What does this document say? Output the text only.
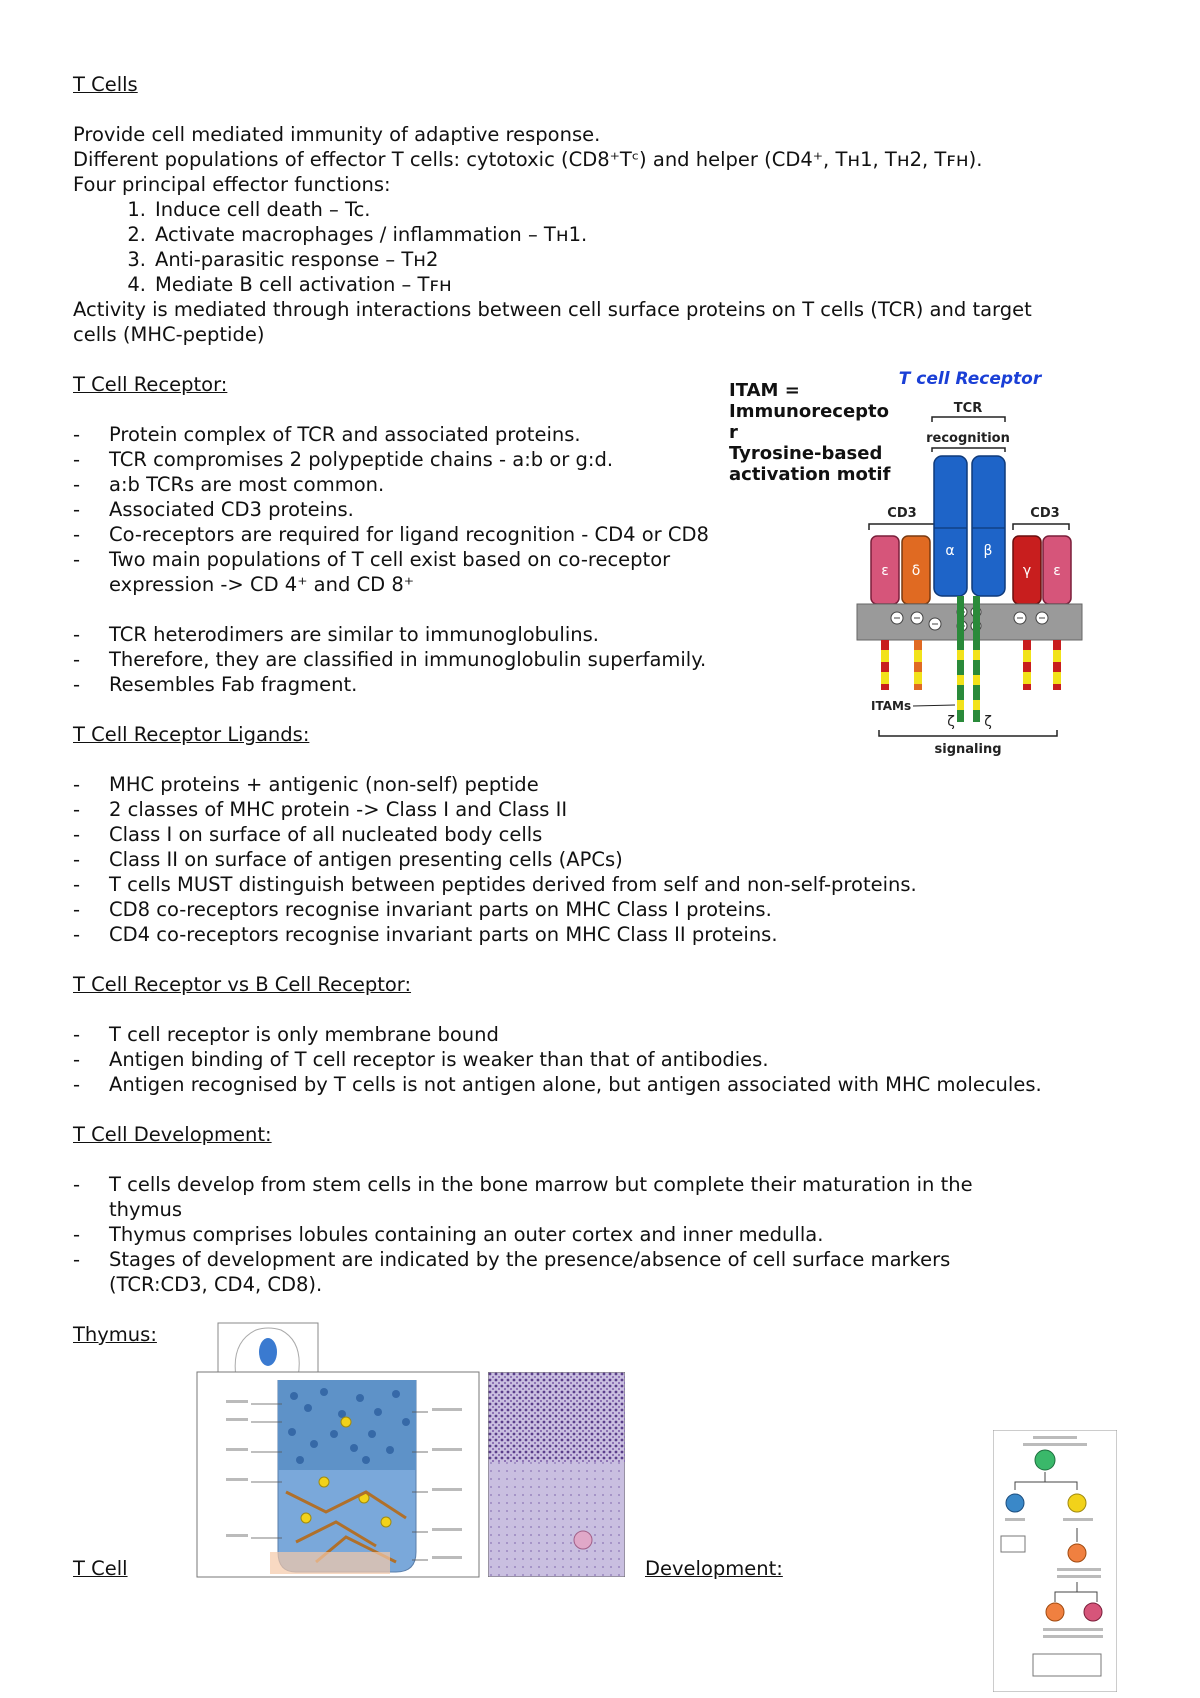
T Cells
Provide cell mediated immunity of adaptive response.
Different populations of effector T cells: cytotoxic (CD8⁺Tᶜ) and helper (CD4⁺, Tʜ1, Tʜ2, Tꜰʜ).
Four principal effector functions:
1. Induce cell death – Tc.
2. Activate macrophages / inflammation – Tʜ1.
3. Anti-parasitic response – Tʜ2
4. Mediate B cell activation – Tꜰʜ
Activity is mediated through interactions between cell surface proteins on T cells (TCR) and target
cells (MHC-peptide)
T Cell Receptor:
- Protein complex of TCR and associated proteins.
- TCR compromises 2 polypeptide chains - a:b or g:d.
- a:b TCRs are most common.
- Associated CD3 proteins.
- Co-receptors are required for ligand recognition - CD4 or CD8
- Two main populations of T cell exist based on co-receptor
expression -> CD 4⁺ and CD 8⁺
- TCR heterodimers are similar to immunoglobulins.
- Therefore, they are classified in immunoglobulin superfamily.
- Resembles Fab fragment.
ITAM =
Immunorecepto
r
Tyrosine-based
activation motif
T cell Receptor
TCR
recognition
CD3	CD3
α β
ε δ	γ ε
ITAMs
ζ ζ
signaling
T Cell Receptor Ligands:
- MHC proteins + antigenic (non-self) peptide
- 2 classes of MHC protein -> Class I and Class II
- Class I on surface of all nucleated body cells
- Class II on surface of antigen presenting cells (APCs)
- T cells MUST distinguish between peptides derived from self and non-self-proteins.
- CD8 co-receptors recognise invariant parts on MHC Class I proteins.
- CD4 co-receptors recognise invariant parts on MHC Class II proteins.
T Cell Receptor vs B Cell Receptor:
- T cell receptor is only membrane bound
- Antigen binding of T cell receptor is weaker than that of antibodies.
- Antigen recognised by T cells is not antigen alone, but antigen associated with MHC molecules.
T Cell Development:
- T cells develop from stem cells in the bone marrow but complete their maturation in the
thymus
- Thymus comprises lobules containing an outer cortex and inner medulla.
- Stages of development are indicated by the presence/absence of cell surface markers
(TCR:CD3, CD4, CD8).
Thymus:
T Cell	Development:
